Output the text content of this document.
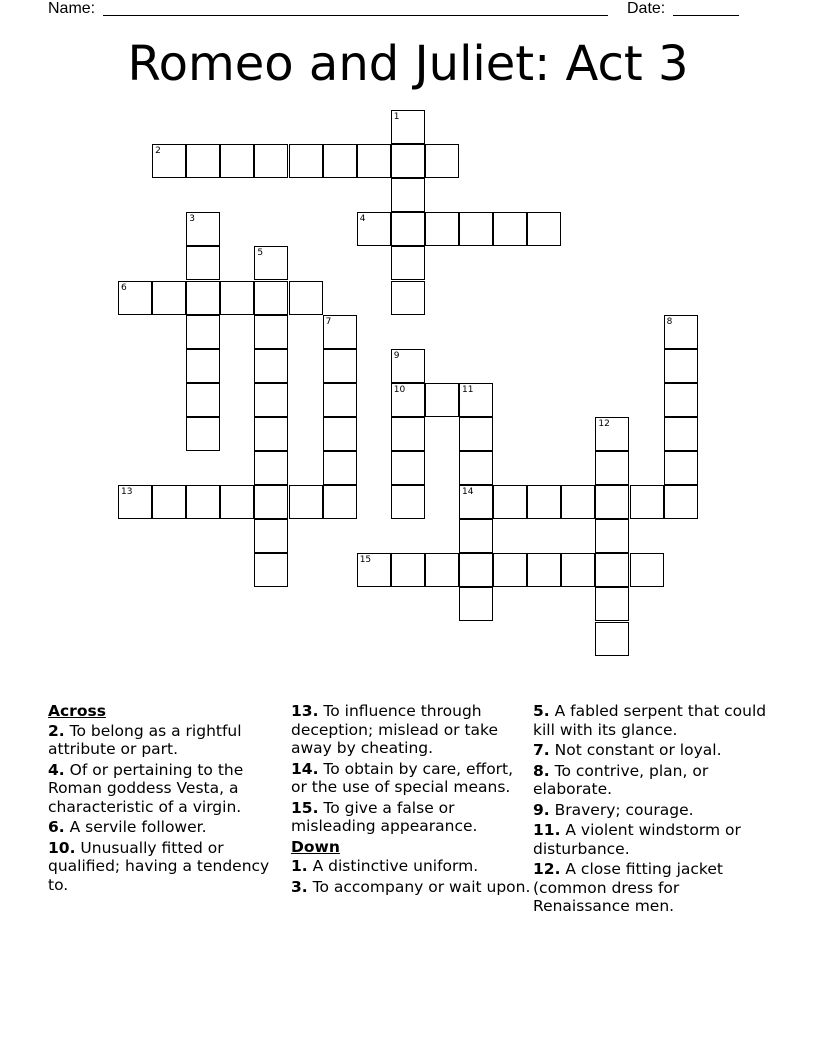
Name:	Date:
Romeo and Juliet: Act 3
2
4
6
10	11
13	14
15
1
3
5
7	8
9
12
Across
2. To belong as a rightful attribute or part.
4. Of or pertaining to the Roman goddess Vesta, a characteristic of a virgin.
6. A servile follower.
10. Unusually fitted or qualified; having a tendency to.
13. To influence through deception; mislead or take away by cheating.
14. To obtain by care, effort, or the use of special means.
15. To give a false or misleading appearance.
Down
1. A distinctive uniform.
3. To accompany or wait upon.
5. A fabled serpent that could kill with its glance.
7. Not constant or loyal.
8. To contrive, plan, or elaborate.
9. Bravery; courage.
11. A violent windstorm or disturbance.
12. A close fitting jacket (common dress for Renaissance men.
